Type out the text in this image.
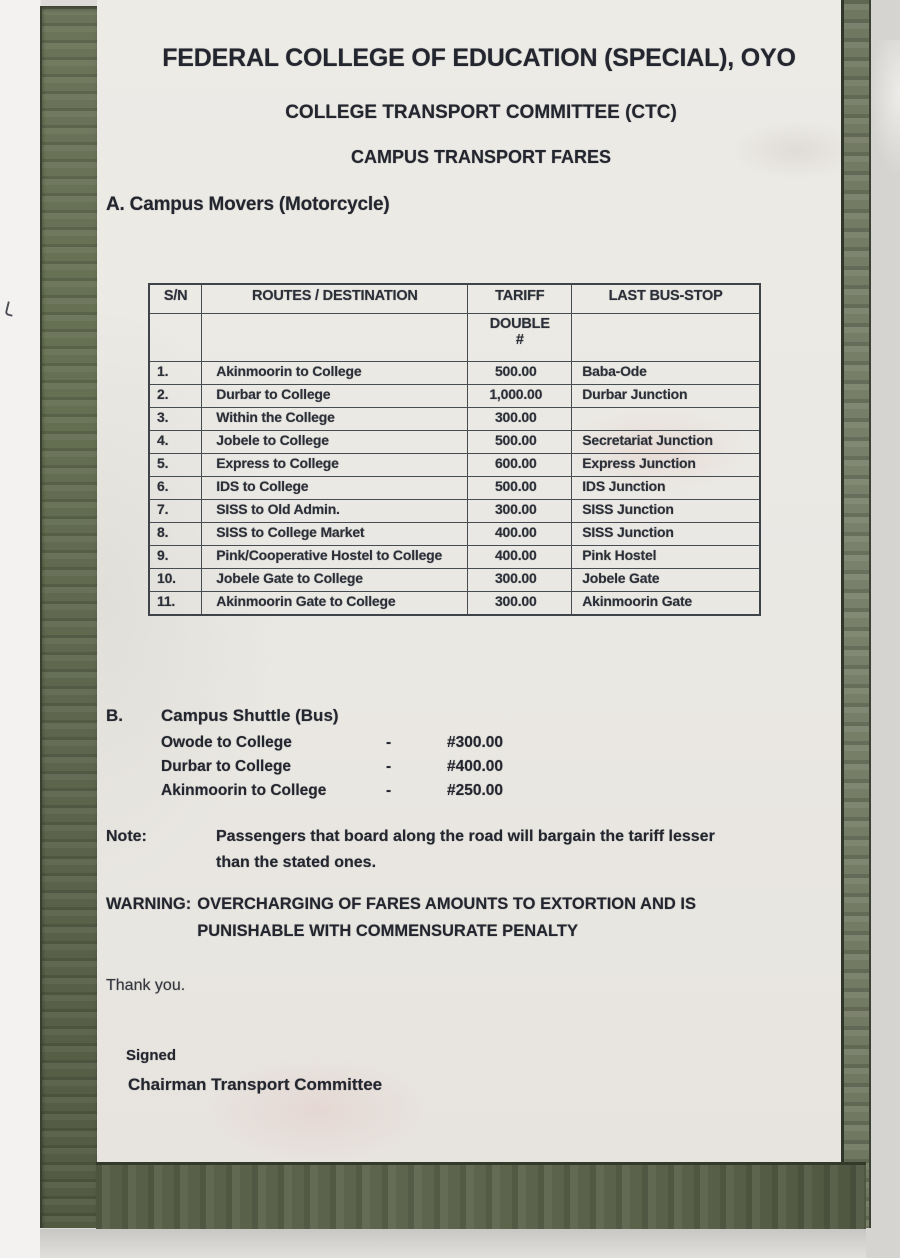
FEDERAL COLLEGE OF EDUCATION (SPECIAL), OYO
COLLEGE TRANSPORT COMMITTEE (CTC)
CAMPUS TRANSPORT FARES
A. Campus Movers (Motorcycle)
S/N	ROUTES / DESTINATION	TARIFF	LAST BUS-STOP

		DOUBLE
#	

1.	Akinmoorin to College	500.00	Baba-Ode
2.	Durbar to College	1,000.00	Durbar Junction
3.	Within the College	300.00	
4.	Jobele to College	500.00	Secretariat Junction
5.	Express to College	600.00	Express Junction
6.	IDS to College	500.00	IDS Junction
7.	SISS to Old Admin.	300.00	SISS Junction
8.	SISS to College Market	400.00	SISS Junction
9.	Pink/Cooperative Hostel to College	400.00	Pink Hostel
10.	Jobele Gate to College	300.00	Jobele Gate
11.	Akinmoorin Gate to College	300.00	Akinmoorin Gate
B.	Campus Shuttle (Bus)
Owode to College	-	#300.00
Durbar to College	-	#400.00
Akinmoorin to College	-	#250.00
Note:	Passengers that board along the road will bargain the tariff lesser than the stated ones.
WARNING: OVERCHARGING OF FARES AMOUNTS TO EXTORTION AND IS PUNISHABLE WITH COMMENSURATE PENALTY
Thank you.
Signed
Chairman Transport Committee
